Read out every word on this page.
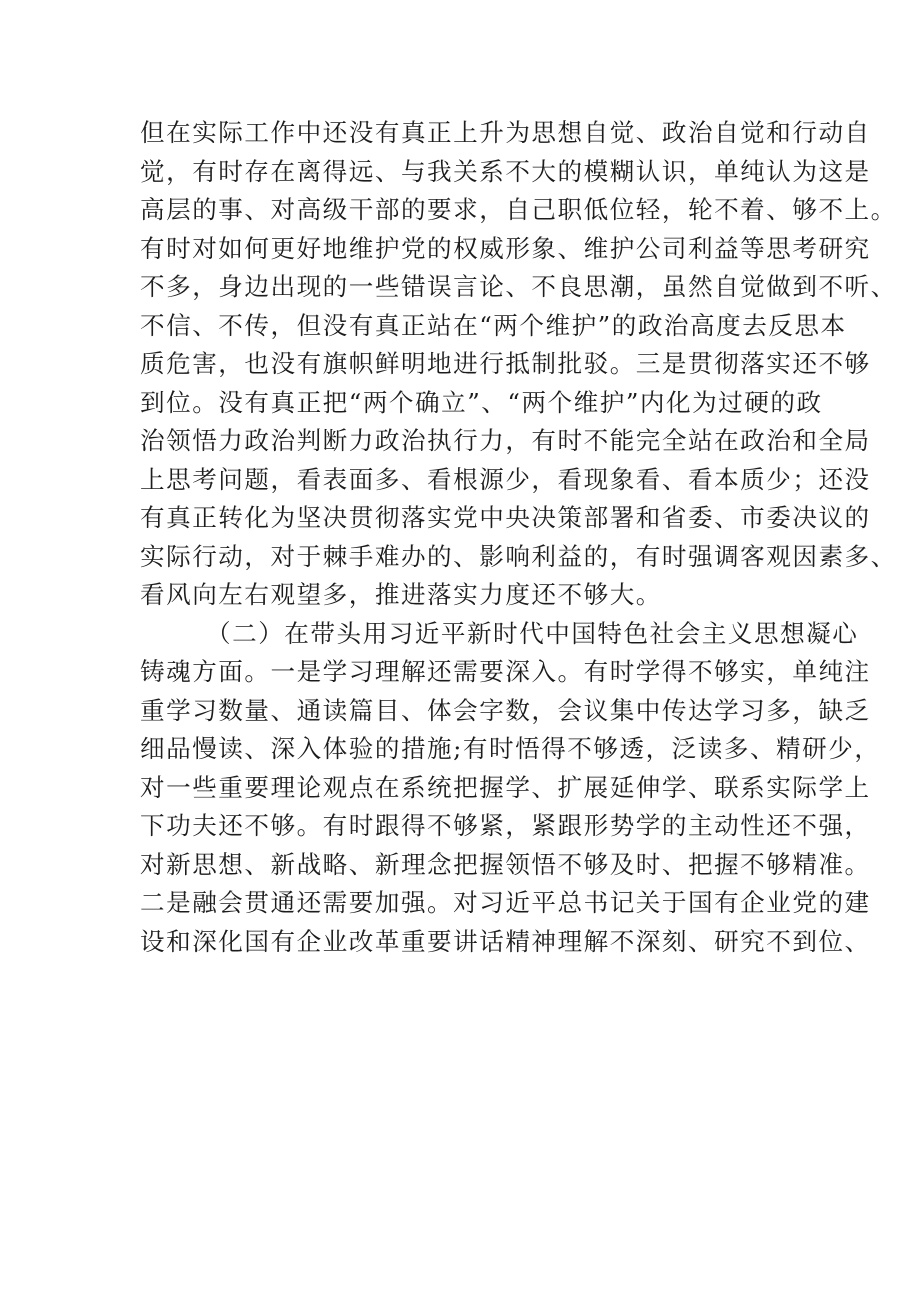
但在实际工作中还没有真正上升为思想自觉、政治自觉和行动自
觉，有时存在离得远、与我关系不大的模糊认识，单纯认为这是
高层的事、对高级干部的要求，自己职低位轻，轮不着、够不上。
有时对如何更好地维护党的权威形象、维护公司利益等思考研究
不多，身边出现的一些错误言论、不良思潮，虽然自觉做到不听、
不信、不传，但没有真正站在“两个维护”的政治高度去反思本
质危害，也没有旗帜鲜明地进行抵制批驳。三是贯彻落实还不够
到位。没有真正把“两个确立”、“两个维护”内化为过硬的政
治领悟力政治判断力政治执行力，有时不能完全站在政治和全局
上思考问题，看表面多、看根源少，看现象看、看本质少；还没
有真正转化为坚决贯彻落实党中央决策部署和省委、市委决议的
实际行动，对于棘手难办的、影响利益的，有时强调客观因素多、
看风向左右观望多，推进落实力度还不够大。
（二）在带头用习近平新时代中国特色社会主义思想凝心
铸魂方面。一是学习理解还需要深入。有时学得不够实，单纯注
重学习数量、通读篇目、体会字数，会议集中传达学习多，缺乏
细品慢读、深入体验的措施;有时悟得不够透，泛读多、精研少，
对一些重要理论观点在系统把握学、扩展延伸学、联系实际学上
下功夫还不够。有时跟得不够紧，紧跟形势学的主动性还不强，
对新思想、新战略、新理念把握领悟不够及时、把握不够精准。
二是融会贯通还需要加强。对习近平总书记关于国有企业党的建
设和深化国有企业改革重要讲话精神理解不深刻、研究不到位、
